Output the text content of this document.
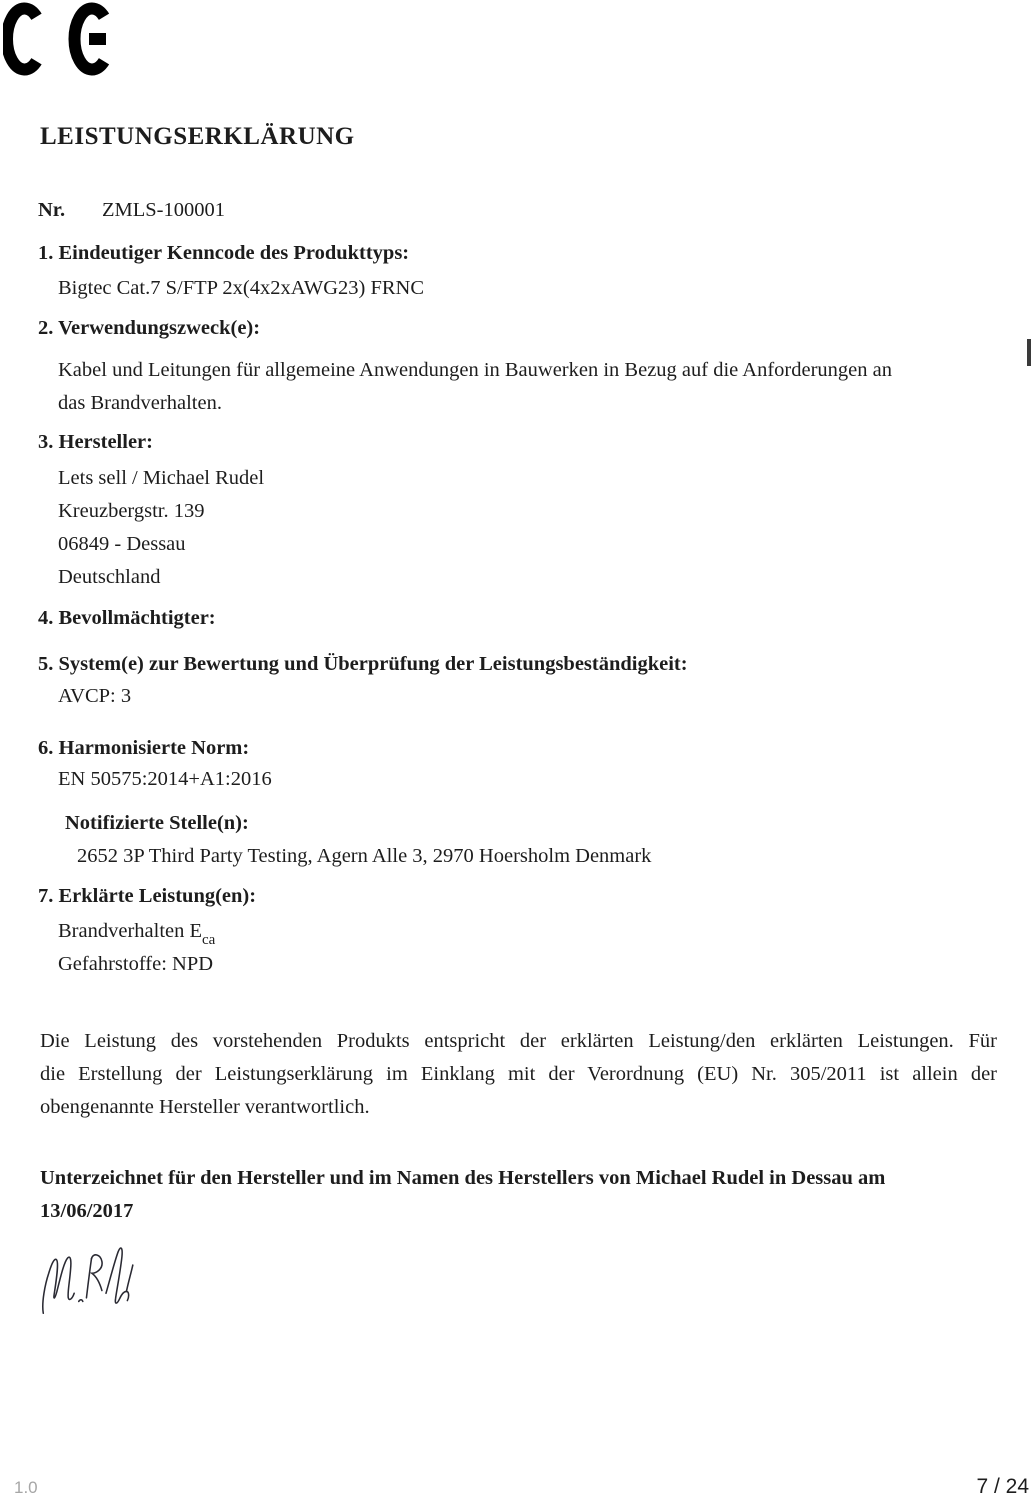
LEISTUNGSERKLÄRUNG
Nr. ZMLS-100001
1. Eindeutiger Kenncode des Produkttyps:
Bigtec Cat.7 S/FTP 2x(4x2xAWG23) FRNC
2. Verwendungszweck(e):
Kabel und Leitungen für allgemeine Anwendungen in Bauwerken in Bezug auf die Anforderungen an
das Brandverhalten.
3. Hersteller:
Lets sell / Michael Rudel
Kreuzbergstr. 139
06849 - Dessau
Deutschland
4. Bevollmächtigter:
5. System(e) zur Bewertung und Überprüfung der Leistungsbeständigkeit:
AVCP: 3
6. Harmonisierte Norm:
EN 50575:2014+A1:2016
Notifizierte Stelle(n):
2652 3P Third Party Testing, Agern Alle 3, 2970 Hoersholm Denmark
7. Erklärte Leistung(en):
Brandverhalten $E_{ca}$
Gefahrstoffe: NPD
Die Leistung des vorstehenden Produkts entspricht der erklärten Leistung/den erklärten Leistungen. Für
die Erstellung der Leistungserklärung im Einklang mit der Verordnung (EU) Nr. 305/2011 ist allein der
obengenannte Hersteller verantwortlich.
Unterzeichnet für den Hersteller und im Namen des Herstellers von Michael Rudel in Dessau am
13/06/2017
1.0	7 / 24
